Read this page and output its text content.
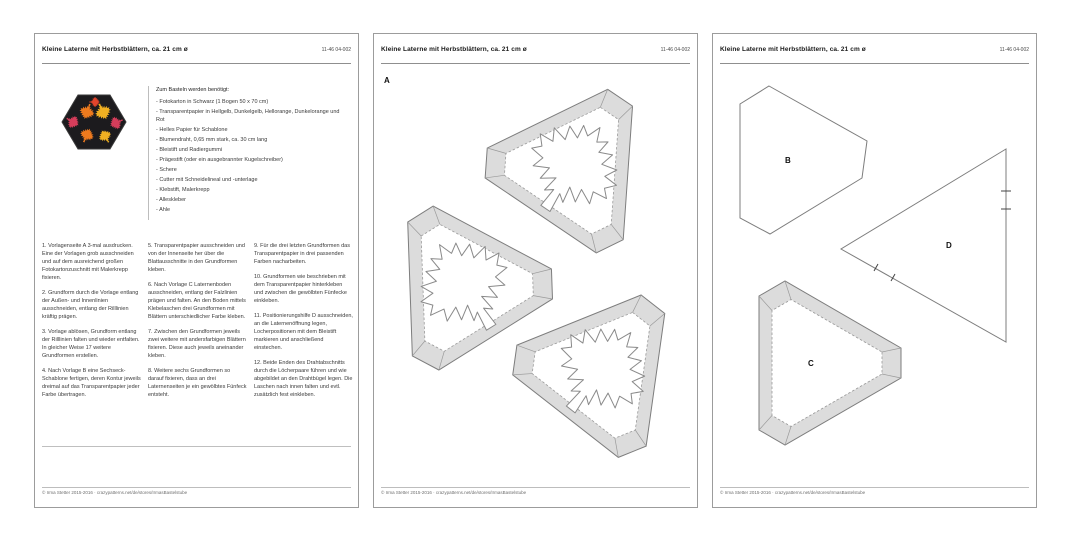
Kleine Laterne mit Herbstblättern, ca. 21 cm ø	11-46 04-002
Zum Basteln werden benötigt:
- Fotokarton in Schwarz (1 Bogen 50 x 70 cm)
- Transparentpapier in Hellgelb, Dunkelgelb, Hellorange, Dunkelorange und Rot
- Helles Papier für Schablone
- Blumendraht, 0,65 mm stark, ca. 30 cm lang
- Bleistift und Radiergummi
- Prägestift (oder ein ausgebrannter Kugelschreiber)
- Schere
- Cutter mit Schneidelineal und -unterlage
- Klebstift, Malerkrepp
- Alleskleber
- Ahle

1. Vorlagenseite A 3-mal ausdrucken. Eine der Vorlagen grob ausschneiden und auf dem ausreichend großen Fotokartonzuschnitt mit Malerkrepp fixieren.

2. Grundform durch die Vorlage entlang der Außen- und Innenlinien ausschneiden, entlang der Rilllinien kräftig prägen.

3. Vorlage ablösen, Grundform entlang der Rilllinien falten und wieder entfalten. In gleicher Weise 17 weitere Grundformen erstellen.

4. Nach Vorlage B eine Sechseck-Schablone fertigen, deren Kontur jeweils dreimal auf das Transparentpapier jeder Farbe übertragen.

5. Transparentpapier ausschneiden und von der Innenseite her über die Blattausschnitte in den Grundformen kleben.

6. Nach Vorlage C Laternenboden ausschneiden, entlang der Falzlinien prägen und falten. An den Boden mittels Klebelaschen drei Grundformen mit Blättern unterschiedlicher Farbe kleben.

7. Zwischen den Grundformen jeweils zwei weitere mit andersfarbigen Blättern fixieren. Diese auch jeweils aneinander kleben.

8. Weitere sechs Grundformen so darauf fixieren, dass an drei Laternenseiten je ein gewölbtes Fünfeck entsteht.

9. Für die drei letzten Grundformen das Transparentpapier in drei passenden Farben nacharbeiten.

10. Grundformen wie beschrieben mit dem Transparentpapier hinterkleben und zwischen die gewölbten Fünfecke einkleben.

11. Positionierungshilfe D ausschneiden, an die Laternenöffnung legen, Locherpositionen mit dem Bleistift markieren und anschließend einstechen.

12. Beide Enden des Drahtabschnitts durch die Löcherpaare führen und wie abgebildet an den Drahtbügel legen. Die Laschen nach innen falten und evtl. zusätzlich fest einkleben.

© Irma Stetter 2015-2016 · crazypatterns.net/de/stores/IrmasBastelstube
Kleine Laterne mit Herbstblättern, ca. 21 cm ø	11-46 04-002
A
© Irma Stetter 2015-2016 · crazypatterns.net/de/stores/IrmasBastelstube
Kleine Laterne mit Herbstblättern, ca. 21 cm ø	11-46 04-002
B
D
C
© Irma Stetter 2015-2016 · crazypatterns.net/de/stores/IrmasBastelstube
